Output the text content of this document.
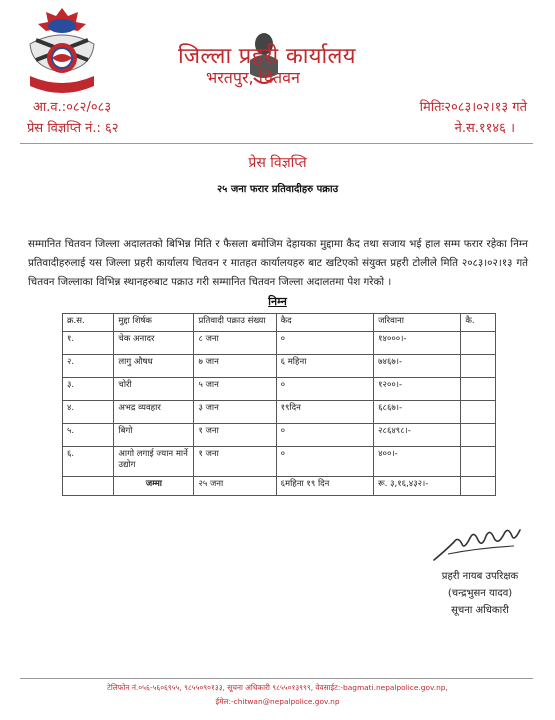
जिल्ला प्रहरी कार्यालय
भरतपुर, चितवन
आ.व.:०८२/०८३
प्रेस विज्ञप्ति नं.: ६२
मितिः२०८३।०२।१३ गते
ने.स.११४६ ।
प्रेस विज्ञप्ति
२५ जना फरार प्रतिवादीहरु पक्राउ
सम्मानित चितवन जिल्ला अदालतको बिभिन्न मिति र फैसला बमोजिम देहायका मुद्दामा कैद तथा सजाय भई हाल सम्म फरार रहेका निम्न प्रतिवादीहरुलाई यस जिल्ला प्रहरी कार्यालय चितवन र मातहत कार्यालयहरु बाट खटिएको संयुक्त प्रहरी टोलीले मिति २०८३।०२।१३ गते चितवन जिल्लाका विभिन्न स्थानहरुबाट पक्राउ गरी सम्मानित चितवन जिल्ला अदालतमा पेश गरेको ।
निम्न
क्र.स.	मुद्दा शिर्षक	प्रतिवादी पक्राउ संख्या	कैद	जरिवाना	कै.
१.	चेक अनादर	८ जना	०	१४०००।-	
२.	लागु औषध	७ जान	६ महिना	७४६७।-	
३.	चोरी	५ जान	०	१२००।-	
४.	अभद्र व्यवहार	३ जान	१९दिन	६८६७।-	
५.	बिगो	१ जना	०	२८६४९८।-	
६.	आगो लगाई ज्यान मार्ने उद्योग	१ जना	०	४००।-	
	जम्मा	२५ जना	६महिना १९ दिन	रू. ३,१६,४३२।-	
प्रहरी नायब उपरिक्षक
(चन्द्रभुसन यादव)
सूचना अधिकारी
टेलिफोन नं.०५६-५६०६९५५, ९८५५०९०१३३, सूचना अधिकारी ९८५५०१३९९९, वेवसाईट:-bagmati.nepalpolice.gov.np,
ईमेल:-chitwan@nepalpolice.gov.np
